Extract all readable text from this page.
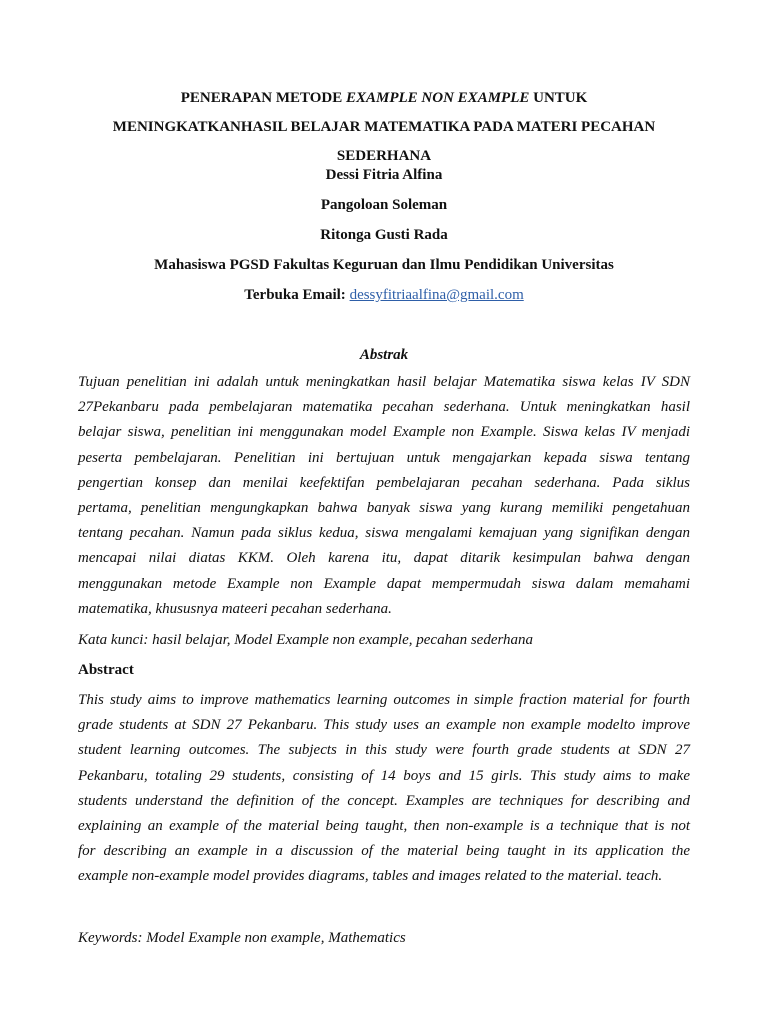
PENERAPAN METODE EXAMPLE NON EXAMPLE UNTUK
MENINGKATKANHASIL BELAJAR MATEMATIKA PADA MATERI PECAHAN
SEDERHANA
Dessi Fitria Alfina
Pangoloan Soleman
Ritonga Gusti Rada
Mahasiswa PGSD Fakultas Keguruan dan Ilmu Pendidikan Universitas
Terbuka Email: dessyfitriaalfina@gmail.com
Abstrak
Tujuan penelitian ini adalah untuk meningkatkan hasil belajar Matematika siswa kelas IV SDN
27Pekanbaru pada pembelajaran matematika pecahan sederhana. Untuk meningkatkan hasil
belajar siswa, penelitian ini menggunakan model Example non Example. Siswa kelas IV menjadi
peserta pembelajaran. Penelitian ini bertujuan untuk mengajarkan kepada siswa tentang
pengertian konsep dan menilai keefektifan pembelajaran pecahan sederhana. Pada siklus
pertama, penelitian mengungkapkan bahwa banyak siswa yang kurang memiliki pengetahuan
tentang pecahan. Namun pada siklus kedua, siswa mengalami kemajuan yang signifikan dengan
mencapai nilai diatas KKM. Oleh karena itu, dapat ditarik kesimpulan bahwa dengan
menggunakan metode Example non Example dapat mempermudah siswa dalam memahami
matematika, khususnya mateeri pecahan sederhana.
Kata kunci: hasil belajar, Model Example non example, pecahan sederhana
Abstract
This study aims to improve mathematics learning outcomes in simple fraction material for fourth
grade students at SDN 27 Pekanbaru. This study uses an example non example modelto improve
student learning outcomes. The subjects in this study were fourth grade students at SDN 27
Pekanbaru, totaling 29 students, consisting of 14 boys and 15 girls. This study aims to make
students understand the definition of the concept. Examples are techniques for describing and
explaining an example of the material being taught, then non-example is a technique that is not
for describing an example in a discussion of the material being taught in its application the
example non-example model provides diagrams, tables and images related to the material. teach.
Keywords: Model Example non example, Mathematics
